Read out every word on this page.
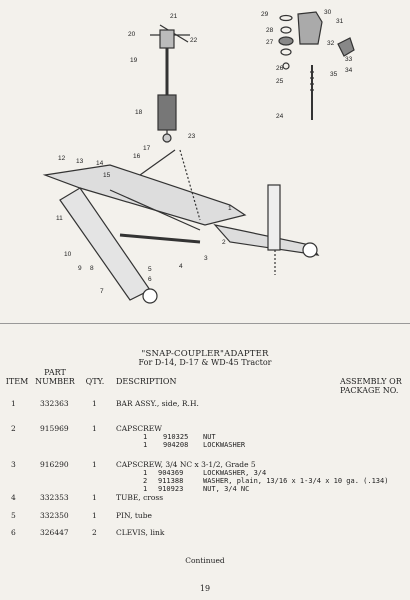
21
20
22
19
18
23
29	30
31
28
27	32
33
26	34
35
25
24
17
16
12 13 14
15
11
1
2
10
3
4
9 8	5
6
7
"SNAP-COUPLER"ADAPTER
For D-14, D-17 & WD-45 Tractor
ITEM
PART
NUMBER	QTY.	DESCRIPTION	ASSEMBLY OR
PACKAGE NO.
1	332363	1	BAR ASSY., side, R.H.
2	915969	1	CAPSCREW
1 910325 NUT
1 904208 LOCKWASHER
3	916290	1	CAPSCREW, 3/4 NC x 3-1/2, Grade 5
1 904369	LOCKWASHER, 3/4
2 911388	WASHER, plain, 13/16 x 1-3/4 x 10 ga. (.134)
1 910923	NUT, 3/4 NC
4	332353	1	TUBE, cross
5	332350	1	PIN, tube
6	326447	2	CLEVIS, link
Continued
19
